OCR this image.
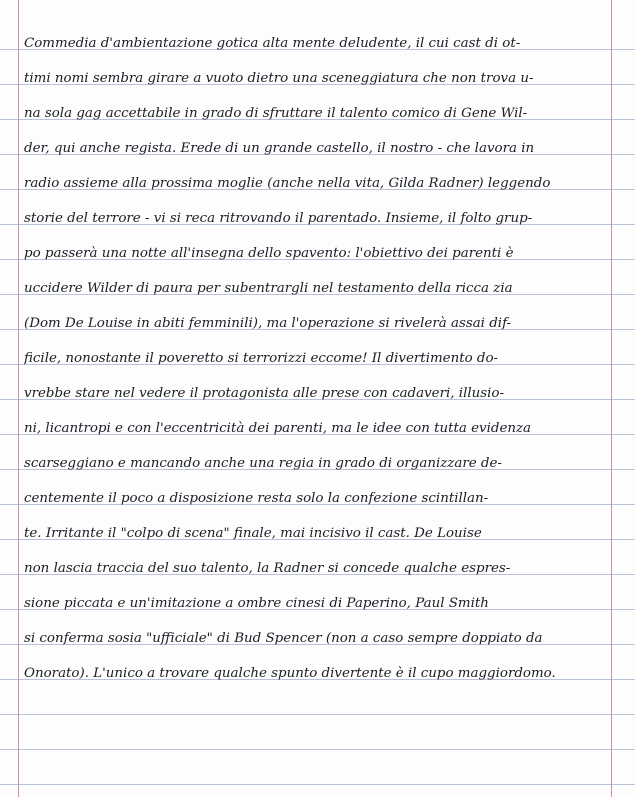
Commedia d'ambientazione gotica alta mente deludente, il cui cast di ot-
timi nomi sembra girare a vuoto dietro una sceneggiatura che non trova u-
na sola gag accettabile in grado di sfruttare il talento comico di Gene Wil-
der, qui anche regista. Erede di un grande castello, il nostro - che lavora in
radio assieme alla prossima moglie (anche nella vita, Gilda Radner) leggendo
storie del terrore - vi si reca ritrovando il parentado. Insieme, il folto grup-
po passerà una notte all'insegna dello spavento: l'obiettivo dei parenti è
uccidere Wilder di paura per subentrargli nel testamento della ricca zia
(Dom De Louise in abiti femminili), ma l'operazione si rivelerà assai dif-
ficile, nonostante il poveretto si terrorizzi eccome! Il divertimento do-
vrebbe stare nel vedere il protagonista alle prese con cadaveri, illusio-
ni, licantropi e con l'eccentricità dei parenti, ma le idee con tutta evidenza
scarseggiano e mancando anche una regia in grado di organizzare de-
centemente il poco a disposizione resta solo la confezione scintillan-
te. Irritante il "colpo di scena" finale, mai incisivo il cast. De Louise
non lascia traccia del suo talento, la Radner si concede qualche espres-
sione piccata e un'imitazione a ombre cinesi di Paperino, Paul Smith
si conferma sosia "ufficiale" di Bud Spencer (non a caso sempre doppiato da
Onorato). L'unico a trovare qualche spunto divertente è il cupo maggiordomo.
